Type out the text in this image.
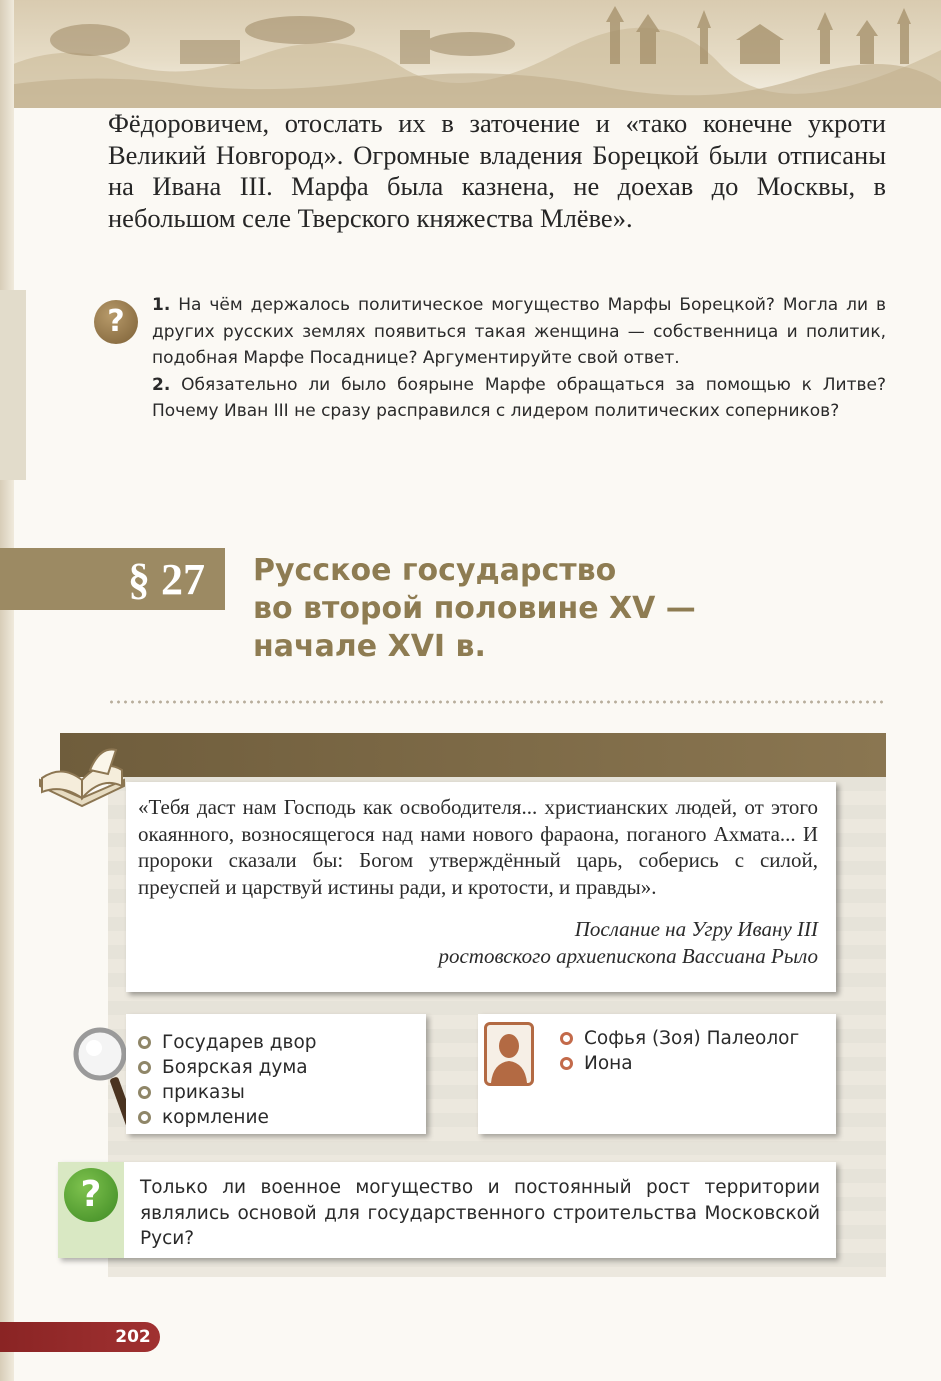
Фёдоровичем, отослать их в заточение и «тако конечне укроти Великий Новгород». Огромные владения Борецкой были отписаны на Ивана III. Марфа была казнена, не доехав до Москвы, в небольшом селе Тверского княжества Млёве».

?	1. На чём держалось политическое могущество Марфы Борецкой? Могла ли в других русских землях появиться такая женщина — собственница и политик, подобная Марфе Посаднице? Аргументируйте свой ответ.

2. Обязательно ли было боярыне Марфе обращаться за помощью к Литве? Почему Иван III не сразу расправился с лидером политических соперников?

§ 27	Русское государство
во второй половине XV —
начале XVI в.

«Тебя даст нам Господь как освободителя... христианских людей, от этого окаянного, возносящегося над нами нового фараона, поганого Ахмата... И пророки сказали бы: Богом утверждённый царь, соберись с силой, преуспей и царствуй истины ради, и кротости, и правды».

Послание на Угру Ивану III
ростовского архиепископа Вассиана Рыло
Государев двор
Боярская дума
приказы
кормление
Софья (Зоя) Палеолог
Иона
?	Только ли военное могущество и постоянный рост территории являлись основой для государственного строительства Московской Руси?

202
